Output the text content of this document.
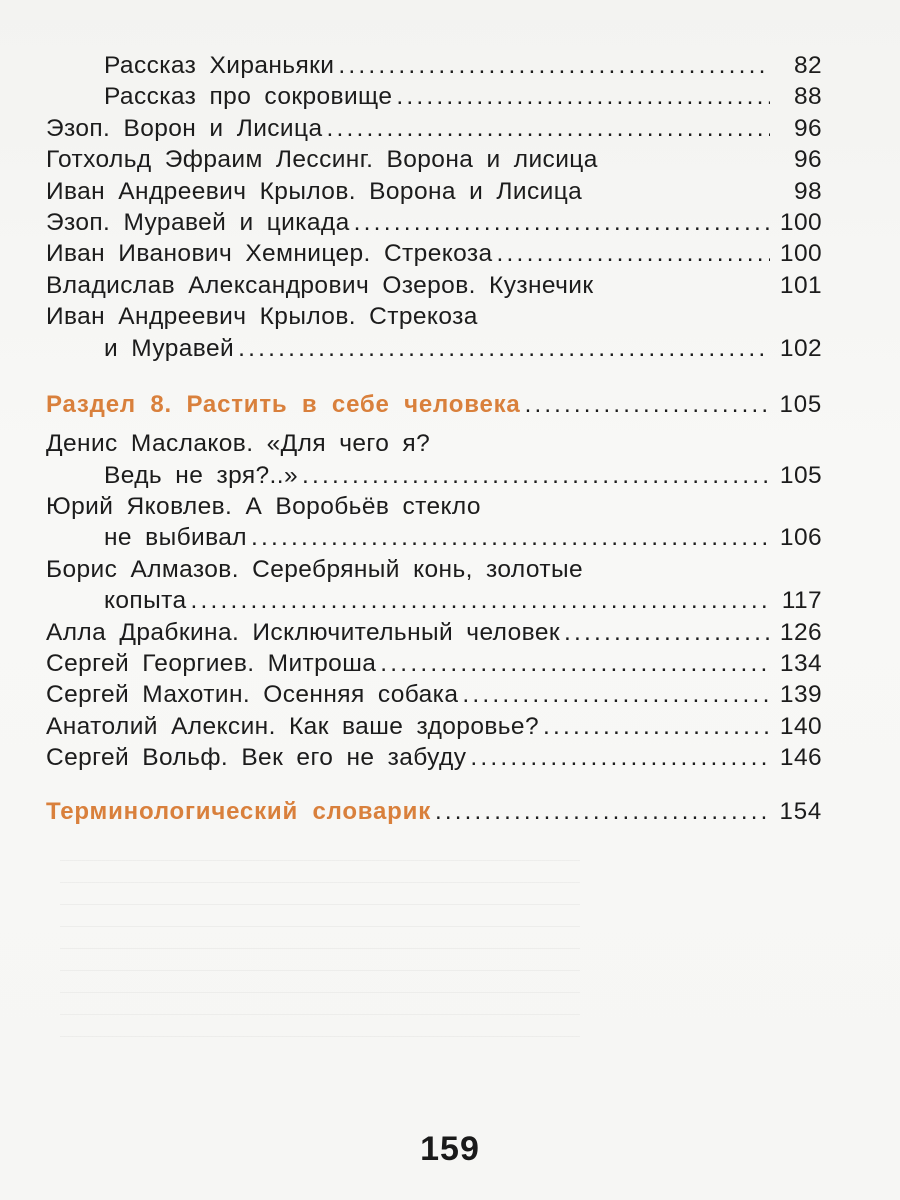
Рассказ Хираньяки .....	82
Рассказ про сокровище .....	88
Эзоп. Ворон и Лисица .....	96
Готхольд Эфраим Лессинг. Ворона и лисица	96
Иван Андреевич Крылов. Ворона и Лисица	98
Эзоп. Муравей и цикада .....	100
Иван Иванович Хемницер. Стрекоза .....	100
Владислав Александрович Озеров. Кузнечик	101
Иван Андреевич Крылов. Стрекоза
и Муравей .....	102
Раздел 8. Растить в себе человека .....	105
Денис Маслаков. «Для чего я?
Ведь не зря?..» .....	105
Юрий Яковлев. А Воробьёв стекло
не выбивал .....	106
Борис Алмазов. Серебряный конь, золотые
копыта .....	117
Алла Драбкина. Исключительный человек .....	126
Сергей Георгиев. Митроша .....	134
Сергей Махотин. Осенняя собака .....	139
Анатолий Алексин. Как ваше здоровье? .....	140
Сергей Вольф. Век его не забуду .....	146
Терминологический словарик .....	154
159
